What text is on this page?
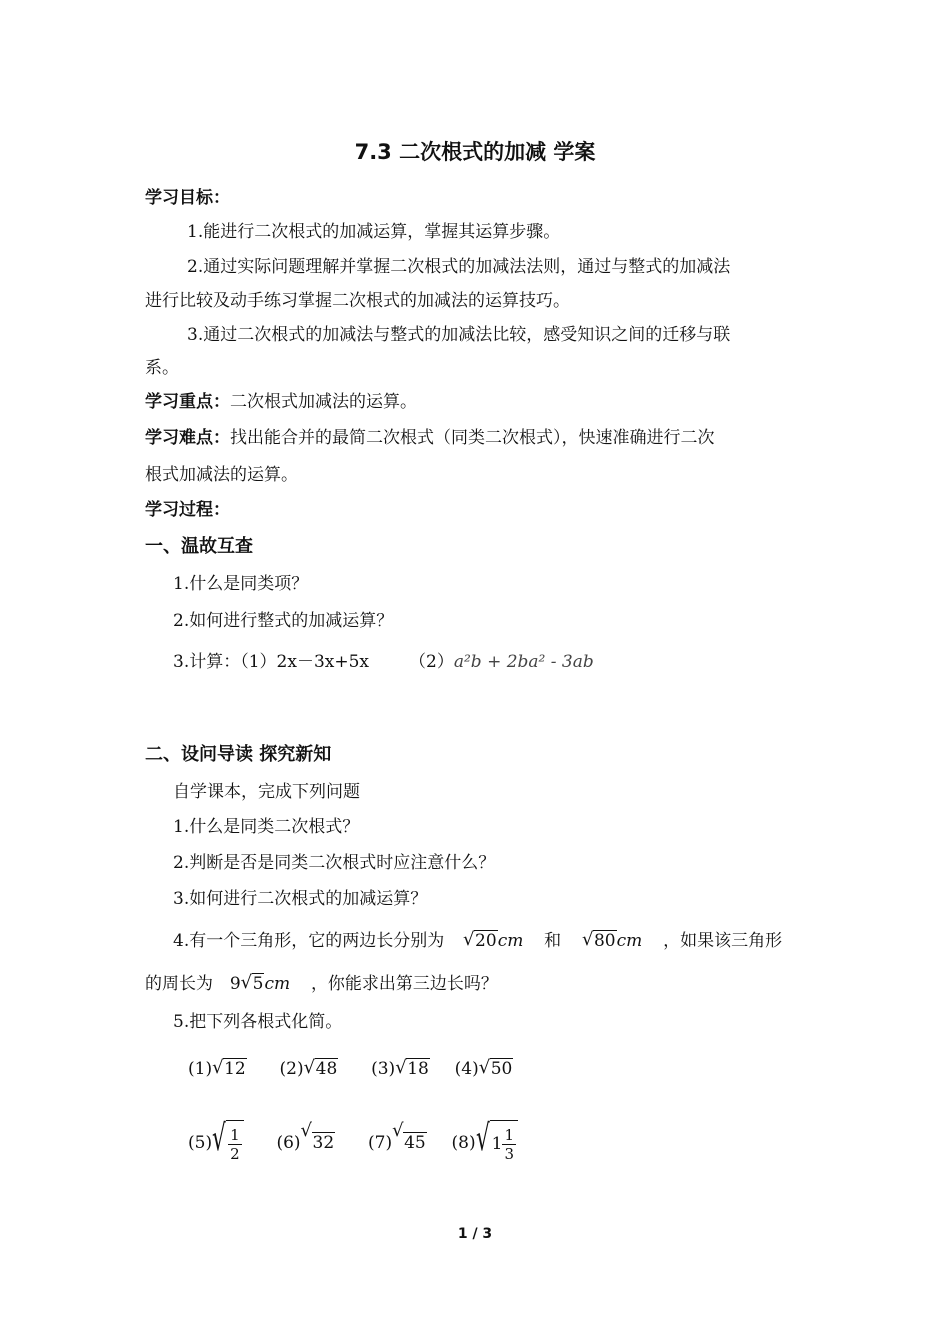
7.3 二次根式的加减 学案
学习目标：
1.能进行二次根式的加减运算，掌握其运算步骤。
2.通过实际问题理解并掌握二次根式的加减法法则，通过与整式的加减法
进行比较及动手练习掌握二次根式的加减法的运算技巧。
3.通过二次根式的加减法与整式的加减法比较，感受知识之间的迁移与联
系。
学习重点：二次根式加减法的运算。
学习难点：找出能合并的最简二次根式（同类二次根式），快速准确进行二次
根式加减法的运算。
学习过程：
一、温故互查
1.什么是同类项？
2.如何进行整式的加减运算？
3.计算：（1）2x－3x+5x （2）a²b + 2ba² - 3ab
二、设问导读 探究新知
自学课本，完成下列问题
1.什么是同类二次根式？
2.判断是否是同类二次根式时应注意什么？
3.如何进行二次根式的加减运算？
4.有一个三角形，它的两边长分别为 √ 20cm 和 √ 80cm ，如果该三角形
的周长为 9 √ 5cm ，你能求出第三边长吗？
5.把下列各根式化简。
(1) √ 12 (2) √ 48 (3) √ 18 (4) √ 50
(5) √ $\frac{1}{2} (6)$
√
32 (7)
√
45 (8) √ $1 \frac{1}{3}$
1 / 3
